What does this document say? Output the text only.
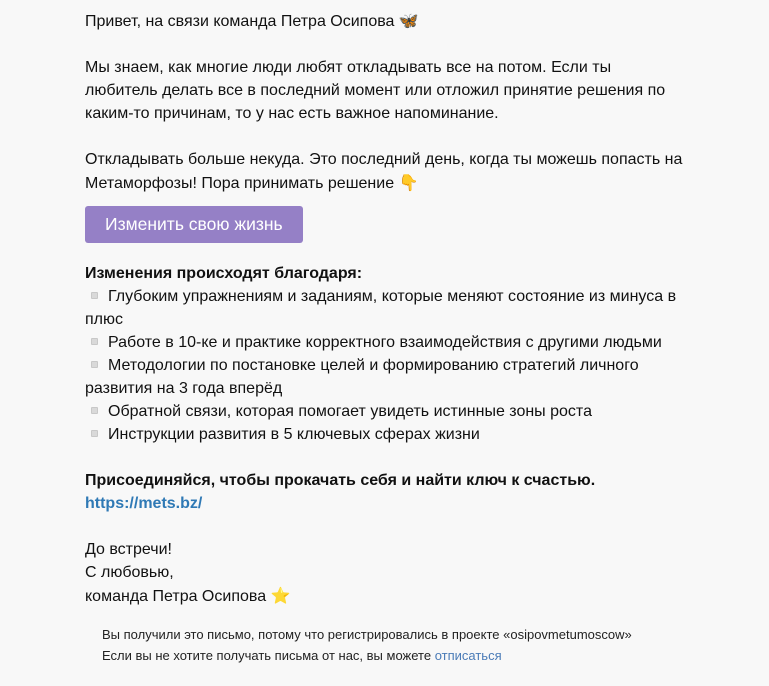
Привет, на связи команда Петра Осипова 🦋

Мы знаем, как многие люди любят откладывать все на потом. Если ты любитель делать все в последний момент или отложил принятие решения по каким-то причинам, то у нас есть важное напоминание.

Откладывать больше некуда. Это последний день, когда ты можешь попасть на Метаморфозы! Пора принимать решение 👇

Изменить свою жизнь

Изменения происходят благодаря:

Глубоким упражнениям и заданиям, которые меняют состояние из минуса в плюс

Работе в 10-ке и практике корректного взаимодействия с другими людьми

Методологии по постановке целей и формированию стратегий личного развития на 3 года вперёд

Обратной связи, которая помогает увидеть истинные зоны роста

Инструкции развития в 5 ключевых сферах жизни

Присоединяйся, чтобы прокачать себя и найти ключ к счастью.

https://mets.bz/

До встречи!

С любовью,

команда Петра Осипова ⭐

Вы получили это письмо, потому что регистрировались в проекте «osipovmetumoscow»
Если вы не хотите получать письма от нас, вы можете отписаться
